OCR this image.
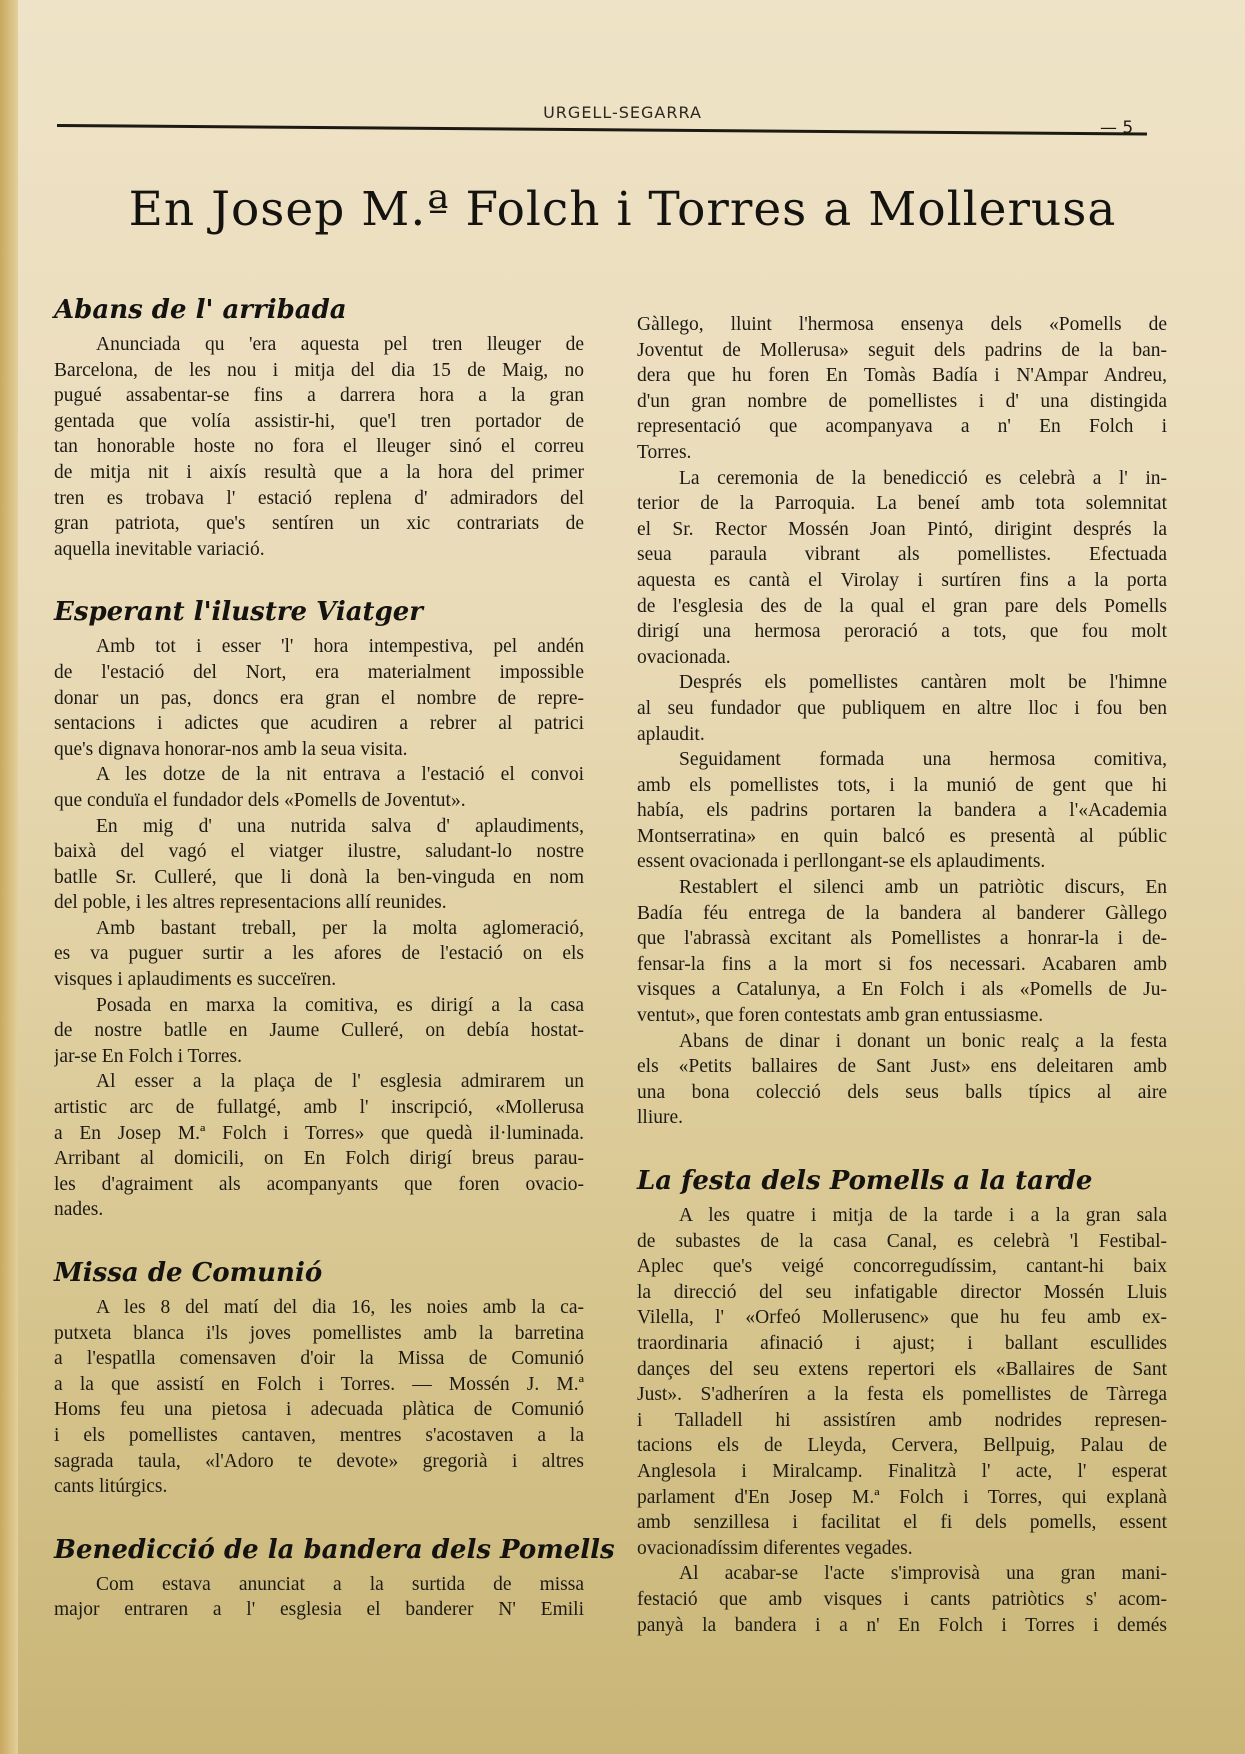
URGELL-SEGARRA
— 5
En Josep M.ª Folch i Torres a Mollerusa
Abans de l' arribada
Anunciada qu 'era aquesta pel tren lleuger de
Barcelona, de les nou i mitja del dia 15 de Maig, no
pugué assabentar-se fins a darrera hora a la gran
gentada que volía assistir-hi, que'l tren portador de
tan honorable hoste no fora el lleuger sinó el correu
de mitja nit i aixís resultà que a la hora del primer
tren es trobava l' estació replena d' admiradors del
gran patriota, que's sentíren un xic contrariats de
aquella inevitable variació.
Esperant l'ilustre Viatger
Amb tot i esser 'l' hora intempestiva, pel andén
de l'estació del Nort, era materialment impossible
donar un pas, doncs era gran el nombre de repre-
sentacions i adictes que acudiren a rebrer al patrici
que's dignava honorar-nos amb la seua visita.
A les dotze de la nit entrava a l'estació el convoi
que conduïa el fundador dels «Pomells de Joventut».
En mig d' una nutrida salva d' aplaudiments,
baixà del vagó el viatger ilustre, saludant-lo nostre
batlle Sr. Culleré, que li donà la ben-vinguda en nom
del poble, i les altres representacions allí reunides.
Amb bastant treball, per la molta aglomeració,
es va puguer surtir a les afores de l'estació on els
visques i aplaudiments es succeïren.
Posada en marxa la comitiva, es dirigí a la casa
de nostre batlle en Jaume Culleré, on debía hostat-
jar-se En Folch i Torres.
Al esser a la plaça de l' esglesia admirarem un
artistic arc de fullatgé, amb l' inscripció, «Mollerusa
a En Josep M.ª Folch i Torres» que quedà il·luminada.
Arribant al domicili, on En Folch dirigí breus parau-
les d'agraiment als acompanyants que foren ovacio-
nades.
Missa de Comunió
A les 8 del matí del dia 16, les noies amb la ca-
putxeta blanca i'ls joves pomellistes amb la barretina
a l'espatlla comensaven d'oir la Missa de Comunió
a la que assistí en Folch i Torres. — Mossén J. M.ª
Homs feu una pietosa i adecuada plàtica de Comunió
i els pomellistes cantaven, mentres s'acostaven a la
sagrada taula, «l'Adoro te devote» gregorià i altres
cants litúrgics.
Benedicció de la bandera dels Pomells
Com estava anunciat a la surtida de missa
major entraren a l' esglesia el banderer N' Emili
Gàllego, lluint l'hermosa ensenya dels «Pomells de
Joventut de Mollerusa» seguit dels padrins de la ban-
dera que hu foren En Tomàs Badía i N'Ampar Andreu,
d'un gran nombre de pomellistes i d' una distingida
representació que acompanyava a n' En Folch i
Torres.
La ceremonia de la benedicció es celebrà a l' in-
terior de la Parroquia. La beneí amb tota solemnitat
el Sr. Rector Mossén Joan Pintó, dirigint després la
seua paraula vibrant als pomellistes. Efectuada
aquesta es cantà el Virolay i surtíren fins a la porta
de l'esglesia des de la qual el gran pare dels Pomells
dirigí una hermosa peroració a tots, que fou molt
ovacionada.
Després els pomellistes cantàren molt be l'himne
al seu fundador que publiquem en altre lloc i fou ben
aplaudit.
Seguidament formada una hermosa comitiva,
amb els pomellistes tots, i la munió de gent que hi
había, els padrins portaren la bandera a l'«Academia
Montserratina» en quin balcó es presentà al públic
essent ovacionada i perllongant-se els aplaudiments.
Restablert el silenci amb un patriòtic discurs, En
Badía féu entrega de la bandera al banderer Gàllego
que l'abrassà excitant als Pomellistes a honrar-la i de-
fensar-la fins a la mort si fos necessari. Acabaren amb
visques a Catalunya, a En Folch i als «Pomells de Ju-
ventut», que foren contestats amb gran entussiasme.
Abans de dinar i donant un bonic realç a la festa
els «Petits ballaires de Sant Just» ens deleitaren amb
una bona colecció dels seus balls típics al aire
lliure.
La festa dels Pomells a la tarde
A les quatre i mitja de la tarde i a la gran sala
de subastes de la casa Canal, es celebrà 'l Festibal-
Aplec que's veigé concorregudíssim, cantant-hi baix
la direcció del seu infatigable director Mossén Lluis
Vilella, l' «Orfeó Mollerusenc» que hu feu amb ex-
traordinaria afinació i ajust; i ballant escullides
dançes del seu extens repertori els «Ballaires de Sant
Just». S'adheríren a la festa els pomellistes de Tàrrega
i Talladell hi assistíren amb nodrides represen-
tacions els de Lleyda, Cervera, Bellpuig, Palau de
Anglesola i Miralcamp. Finalitzà l' acte, l' esperat
parlament d'En Josep M.ª Folch i Torres, qui explanà
amb senzillesa i facilitat el fi dels pomells, essent
ovacionadíssim diferentes vegades.
Al acabar-se l'acte s'improvisà una gran mani-
festació que amb visques i cants patriòtics s' acom-
panyà la bandera i a n' En Folch i Torres i demés
